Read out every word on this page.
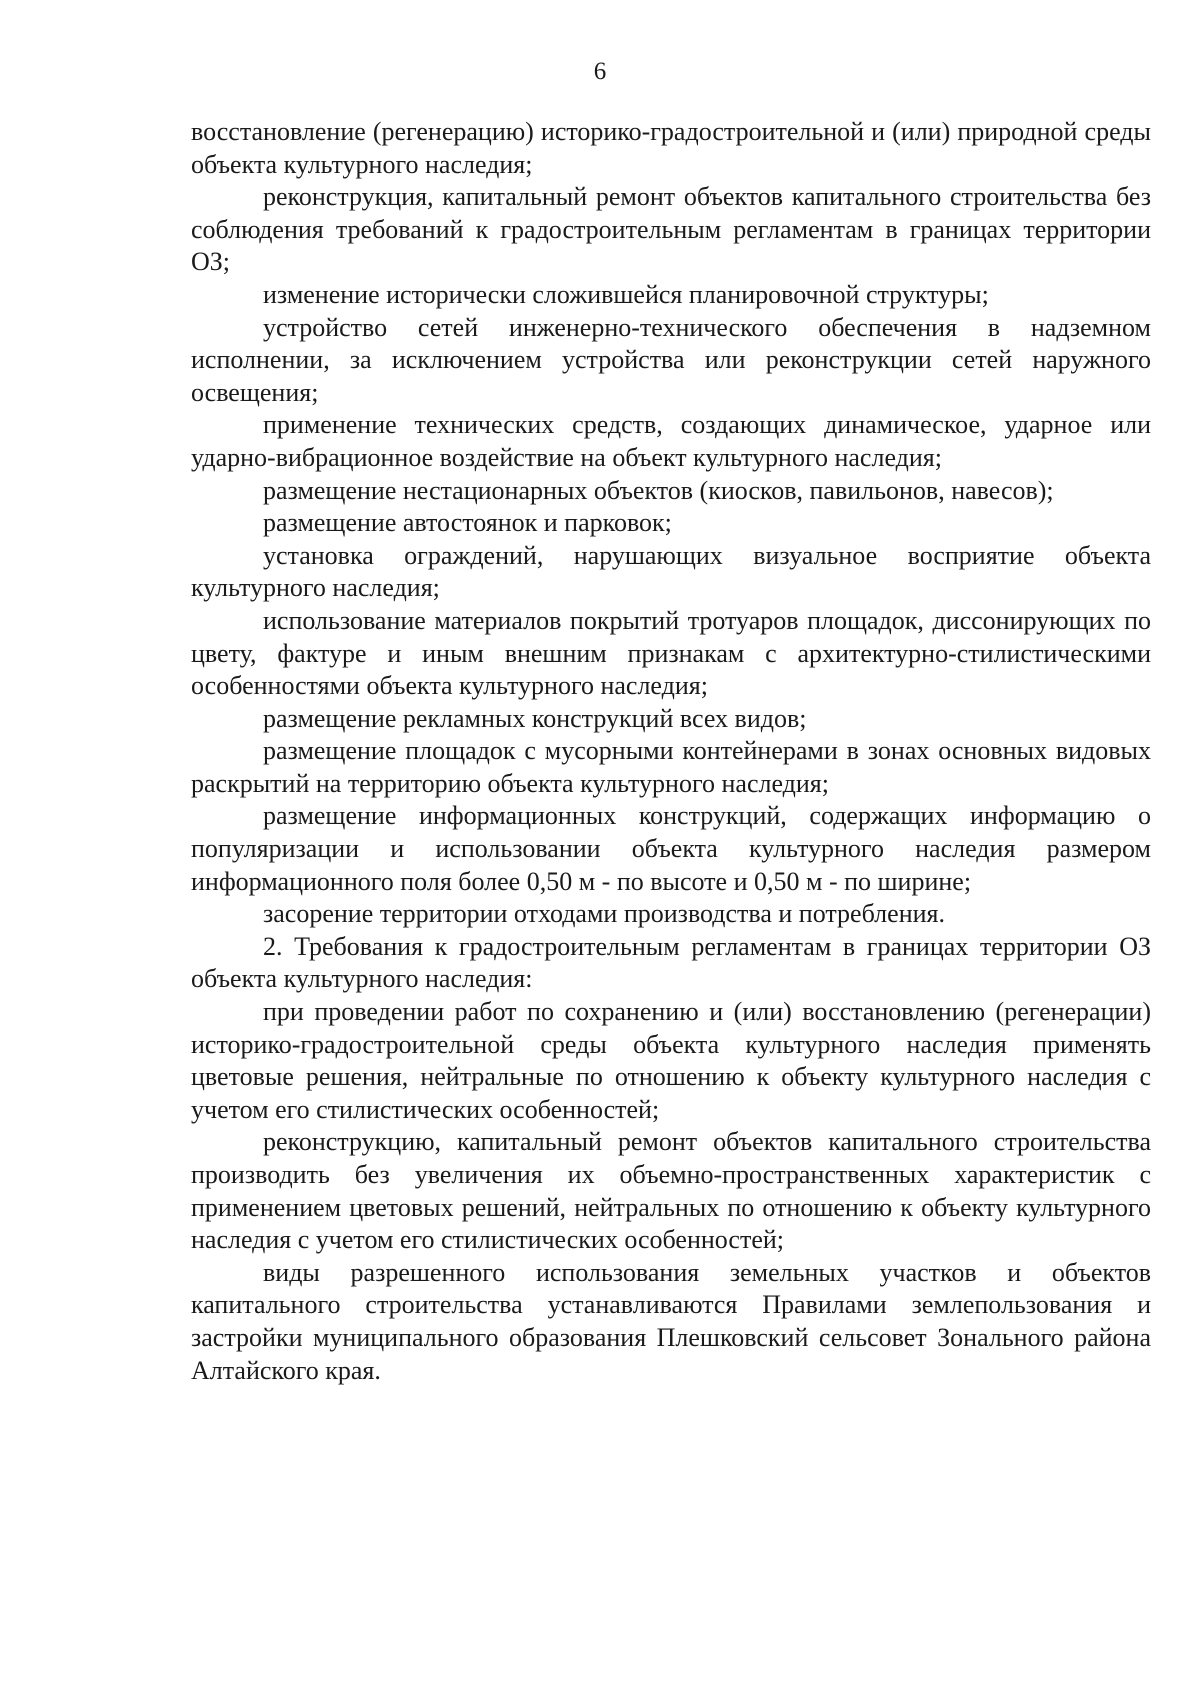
6

восстановление (регенерацию) историко-градостроительной и (или) природной среды объекта культурного наследия;

реконструкция, капитальный ремонт объектов капитального строительства без соблюдения требований к градостроительным регламентам в границах территории ОЗ;

изменение исторически сложившейся планировочной структуры;

устройство сетей инженерно-технического обеспечения в надземном исполнении, за исключением устройства или реконструкции сетей наружного освещения;

применение технических средств, создающих динамическое, ударное или ударно-вибрационное воздействие на объект культурного наследия;

размещение нестационарных объектов (киосков, павильонов, навесов);

размещение автостоянок и парковок;

установка ограждений, нарушающих визуальное восприятие объекта культурного наследия;

использование материалов покрытий тротуаров площадок, диссонирующих по цвету, фактуре и иным внешним признакам с архитектурно-стилистическими особенностями объекта культурного наследия;

размещение рекламных конструкций всех видов;

размещение площадок с мусорными контейнерами в зонах основных видовых раскрытий на территорию объекта культурного наследия;

размещение информационных конструкций, содержащих информацию о популяризации и использовании объекта культурного наследия размером информационного поля более 0,50 м - по высоте и 0,50 м - по ширине;

засорение территории отходами производства и потребления.

2. Требования к градостроительным регламентам в границах территории ОЗ объекта культурного наследия:

при проведении работ по сохранению и (или) восстановлению (регенерации) историко-градостроительной среды объекта культурного наследия применять цветовые решения, нейтральные по отношению к объекту культурного наследия с учетом его стилистических особенностей;

реконструкцию, капитальный ремонт объектов капитального строительства производить без увеличения их объемно-пространственных характеристик с применением цветовых решений, нейтральных по отношению к объекту культурного наследия с учетом его стилистических особенностей;

виды разрешенного использования земельных участков и объектов капитального строительства устанавливаются Правилами землепользования и застройки муниципального образования Плешковский сельсовет Зонального района Алтайского края.
